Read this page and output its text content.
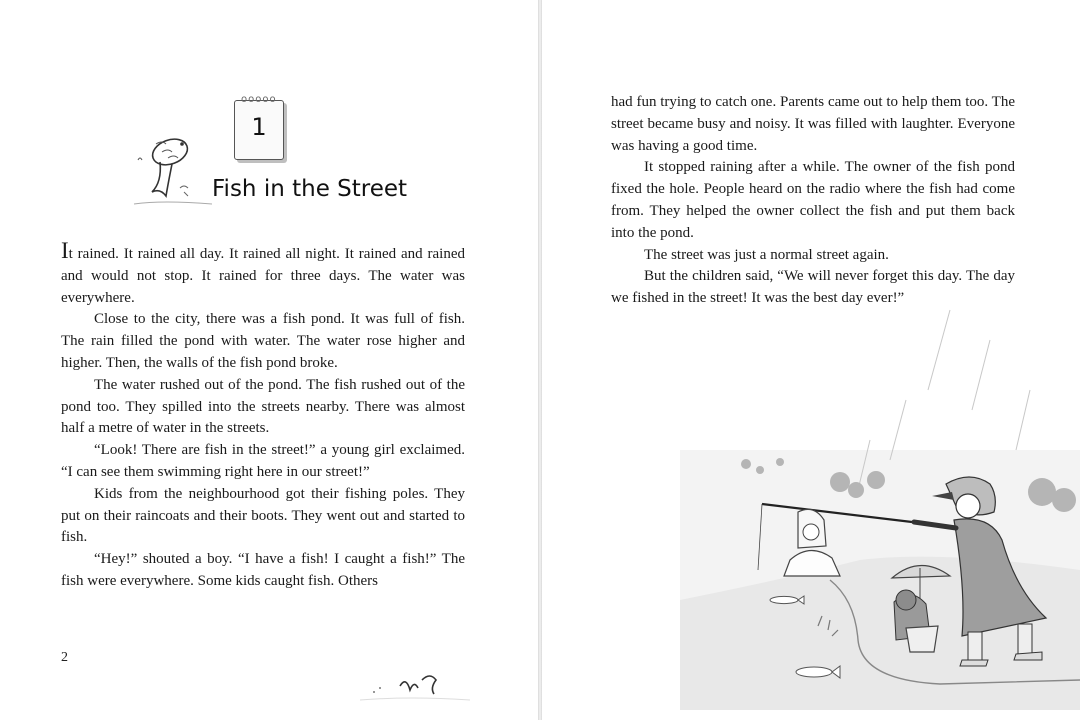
ooooo
1
Fish in the Street

It rained. It rained all day. It rained all night. It rained and rained and would not stop. It rained for three days. The water was everywhere.

Close to the city, there was a fish pond. It was full of fish. The rain filled the pond with water. The water rose higher and higher. Then, the walls of the fish pond broke.

The water rushed out of the pond. The fish rushed out of the pond too. They spilled into the streets nearby. There was almost half a metre of water in the streets.

“Look! There are fish in the street!” a young girl exclaimed. “I can see them swimming right here in our street!”

Kids from the neighbourhood got their fishing poles. They put on their raincoats and their boots. They went out and started to fish.

“Hey!” shouted a boy. “I have a fish! I caught a fish!” The fish were everywhere. Some kids caught fish. Others

2

had fun trying to catch one. Parents came out to help them too. The street became busy and noisy. It was filled with laughter. Everyone was having a good time.

It stopped raining after a while. The owner of the fish pond fixed the hole. People heard on the radio where the fish had come from. They helped the owner collect the fish and put them back into the pond.

The street was just a normal street again.

But the children said, “We will never forget this day. The day we fished in the street! It was the best day ever!”
